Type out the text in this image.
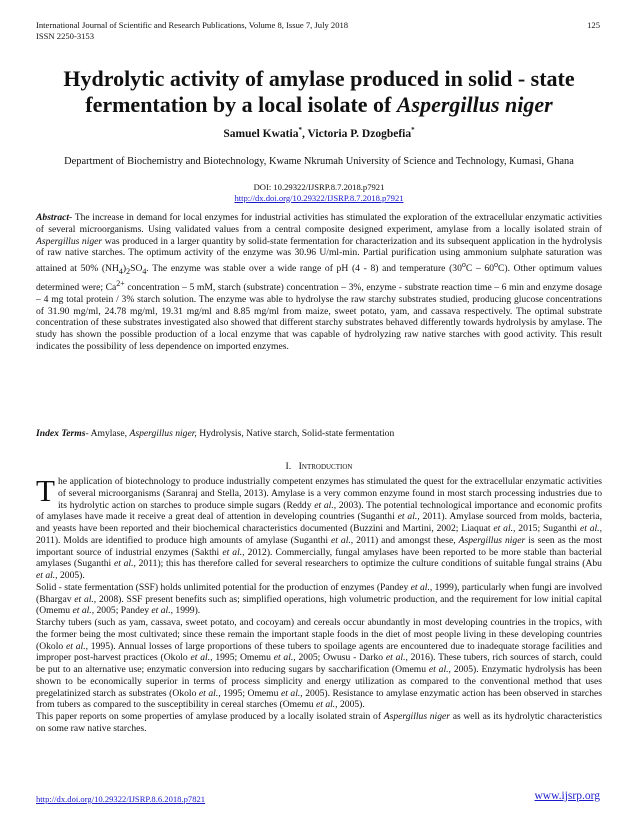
International Journal of Scientific and Research Publications, Volume 8, Issue 7, July 2018
ISSN 2250-3153
125
Hydrolytic activity of amylase produced in solid - state
fermentation by a local isolate of Aspergillus niger
Samuel Kwatia*, Victoria P. Dzogbefia*
Department of Biochemistry and Biotechnology, Kwame Nkrumah University of Science and Technology, Kumasi, Ghana
DOI: 10.29322/IJSRP.8.7.2018.p7921
http://dx.doi.org/10.29322/IJSRP.8.7.2018.p7921
Abstract- The increase in demand for local enzymes for industrial activities has stimulated the exploration of the extracellular enzymatic activities of several microorganisms. Using validated values from a central composite designed experiment, amylase from a locally isolated strain of Aspergillus niger was produced in a larger quantity by solid-state fermentation for characterization and its subsequent application in the hydrolysis of raw native starches. The optimum activity of the enzyme was 30.96 U/ml-min. Partial purification using ammonium sulphate saturation was attained at 50% $(NH_4)_2SO_4$. The enzyme was stable over a wide range of pH (4 - 8) and temperature (30$^o$C – 60$^o$C). Other optimum values determined were; $Ca^{2+}$ concentration – 5 mM, starch (substrate) concentration – 3%, enzyme - substrate reaction time – 6 min and enzyme dosage – 4 mg total protein / 3% starch solution. The enzyme was able to hydrolyse the raw starchy substrates studied, producing glucose concentrations of 31.90 mg/ml, 24.78 mg/ml, 19.31 mg/ml and 8.85 mg/ml from maize, sweet potato, yam, and cassava respectively. The optimal substrate concentration of these substrates investigated also showed that different starchy substrates behaved differently towards hydrolysis by amylase. The study has shown the possible production of a local enzyme that was capable of hydrolyzing raw native starches with good activity. This result indicates the possibility of less dependence on imported enzymes.
Index Terms- Amylase, Aspergillus niger, Hydrolysis, Native starch, Solid-state fermentation
I. Introduction

The application of biotechnology to produce industrially competent enzymes has stimulated the quest for the extracellular enzymatic activities of several microorganisms (Saranraj and Stella, 2013). Amylase is a very common enzyme found in most starch processing industries due to its hydrolytic action on starches to produce simple sugars (Reddy et al., 2003). The potential technological importance and economic profits of amylases have made it receive a great deal of attention in developing countries (Suganthi et al., 2011). Amylase sourced from molds, bacteria, and yeasts have been reported and their biochemical characteristics documented (Buzzini and Martini, 2002; Liaquat et al., 2015; Suganthi et al., 2011). Molds are identified to produce high amounts of amylase (Suganthi et al., 2011) and amongst these, Aspergillus niger is seen as the most important source of industrial enzymes (Sakthi et al., 2012). Commercially, fungal amylases have been reported to be more stable than bacterial amylases (Suganthi et al., 2011); this has therefore called for several researchers to optimize the culture conditions of suitable fungal strains (Abu et al., 2005).

Solid - state fermentation (SSF) holds unlimited potential for the production of enzymes (Pandey et al., 1999), particularly when fungi are involved (Bhargav et al., 2008). SSF present benefits such as; simplified operations, high volumetric production, and the requirement for low initial capital (Omemu et al., 2005; Pandey et al., 1999).

Starchy tubers (such as yam, cassava, sweet potato, and cocoyam) and cereals occur abundantly in most developing countries in the tropics, with the former being the most cultivated; since these remain the important staple foods in the diet of most people living in these developing countries (Okolo et al., 1995). Annual losses of large proportions of these tubers to spoilage agents are encountered due to inadequate storage facilities and improper post-harvest practices (Okolo et al., 1995; Omemu et al., 2005; Owusu - Darko et al., 2016). These tubers, rich sources of starch, could be put to an alternative use; enzymatic conversion into reducing sugars by saccharification (Omemu et al., 2005). Enzymatic hydrolysis has been shown to be economically superior in terms of process simplicity and energy utilization as compared to the conventional method that uses pregelatinized starch as substrates (Okolo et al., 1995; Omemu et al., 2005). Resistance to amylase enzymatic action has been observed in starches from tubers as compared to the susceptibility in cereal starches (Omemu et al., 2005).

This paper reports on some properties of amylase produced by a locally isolated strain of Aspergillus niger as well as its hydrolytic characteristics on some raw native starches.

http://dx.doi.org/10.29322/IJSRP.8.6.2018.p7821	www.ijsrp.org
